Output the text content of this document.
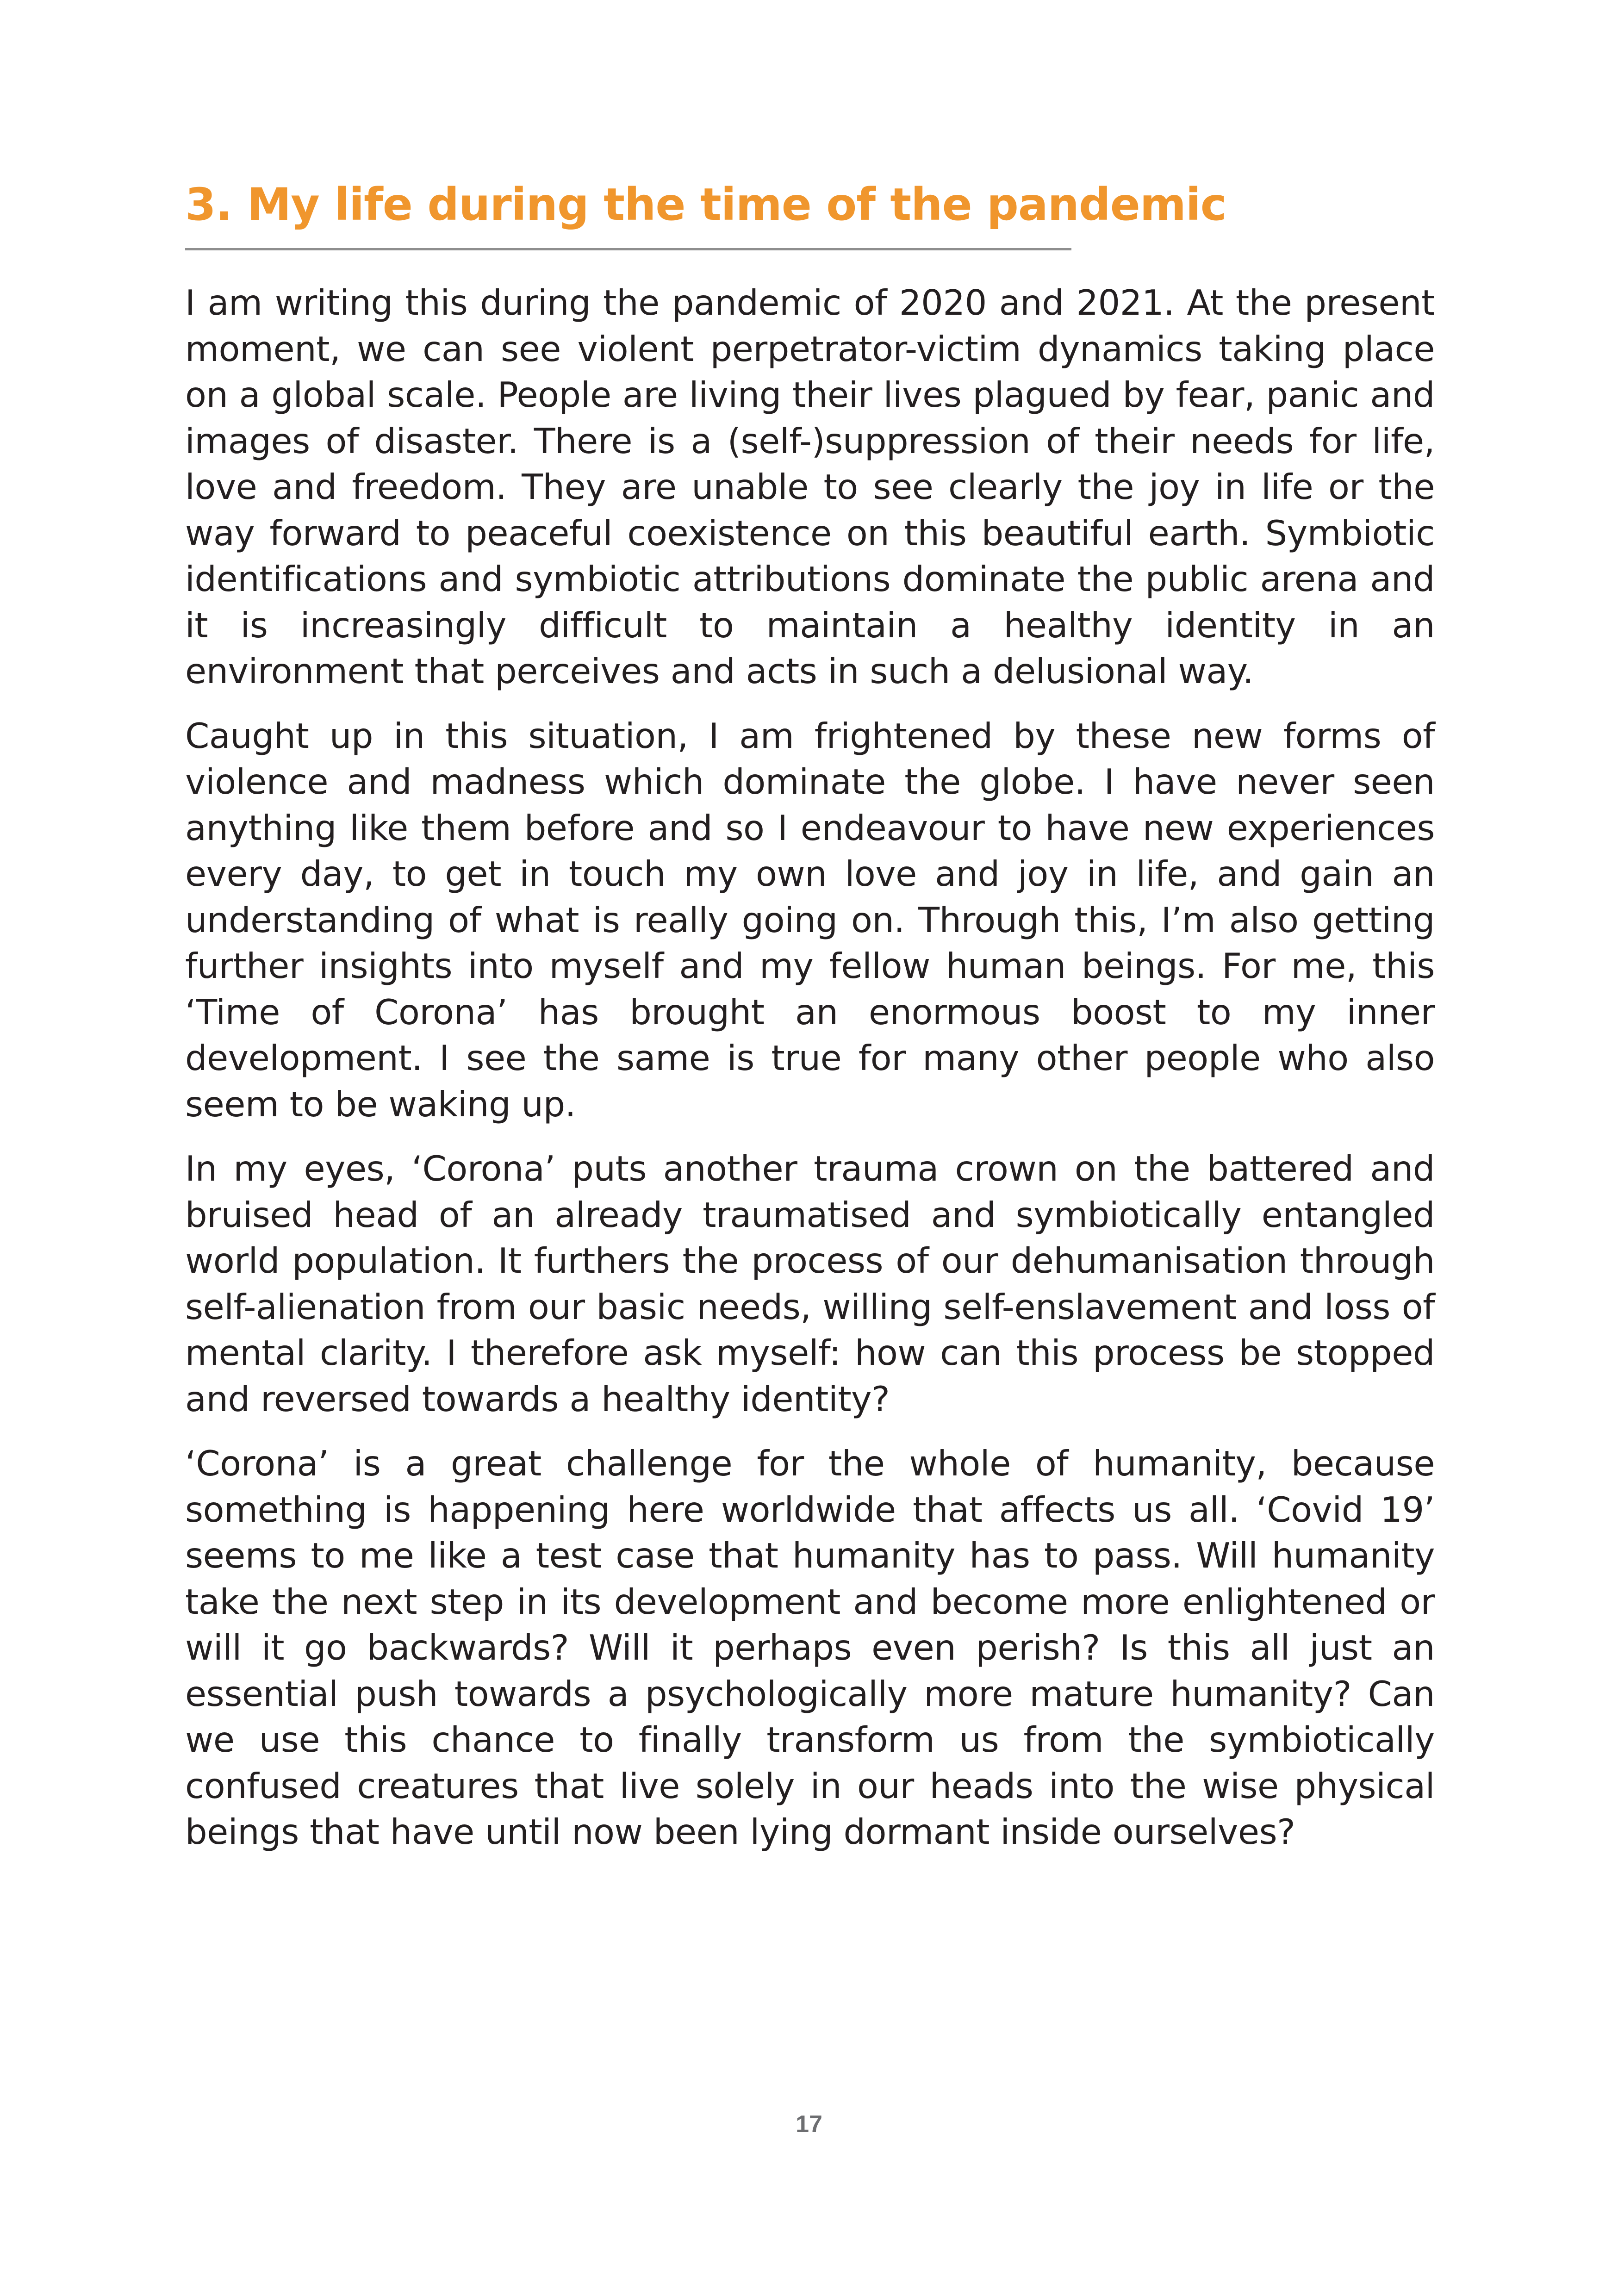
3. My life during the time of the pandemic

I am writing this during the pandemic of 2020 and 2021. At the present moment, we can see violent perpetrator-victim dynamics taking place on a global scale. People are living their lives plagued by fear, panic and images of disaster. There is a (self-)suppression of their needs for life, love and freedom. They are unable to see clearly the joy in life or the way forward to peaceful coexistence on this beautiful earth. Symbiotic identifications and symbiotic attributions dominate the public arena and it is increasingly difficult to maintain a healthy identity in an environment that perceives and acts in such a delusional way.

Caught up in this situation, I am frightened by these new forms of violence and madness which dominate the globe. I have never seen anything like them before and so I endeavour to have new experiences every day, to get in touch my own love and joy in life, and gain an understanding of what is really going on. Through this, I’m also getting further insights into myself and my fellow human beings. For me, this ‘Time of Corona’ has brought an enormous boost to my inner development. I see the same is true for many other people who also seem to be waking up.

In my eyes, ‘Corona’ puts another trauma crown on the battered and bruised head of an already traumatised and symbiotically entangled world population. It furthers the process of our dehumanisation through self-alienation from our basic needs, willing self-enslavement and loss of mental clarity. I therefore ask myself: how can this process be stopped and reversed towards a healthy identity?

‘Corona’ is a great challenge for the whole of humanity, because something is happening here worldwide that affects us all. ‘Covid 19’ seems to me like a test case that humanity has to pass. Will humanity take the next step in its development and become more enlightened or will it go backwards? Will it perhaps even perish? Is this all just an essential push towards a psychologically more mature humanity? Can we use this chance to finally transform us from the symbiotically confused creatures that live solely in our heads into the wise physical beings that have until now been lying dormant inside ourselves?

17
